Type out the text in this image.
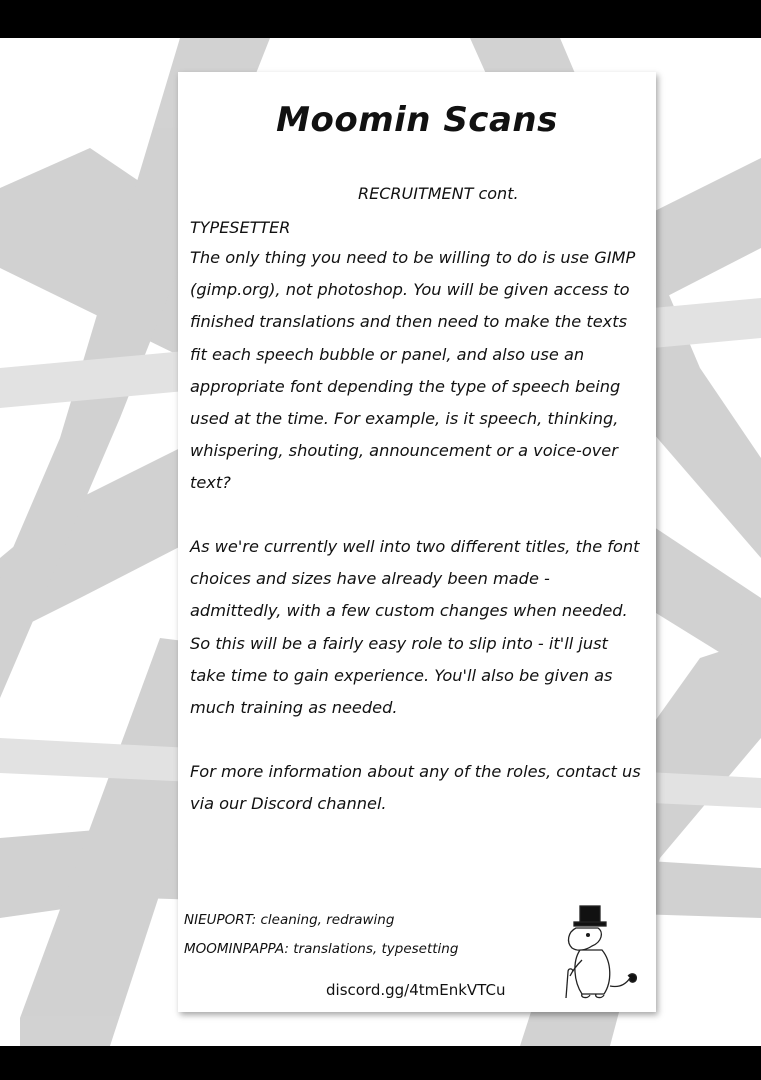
Moomin Scans
RECRUITMENT cont.
TYPESETTER

The only thing you need to be willing to do is use GIMP (gimp.org), not photoshop. You will be given access to finished translations and then need to make the texts fit each speech bubble or panel, and also use an appropriate font depending the type of speech being used at the time. For example, is it speech, thinking, whispering, shouting, announcement or a voice-over text?

As we're currently well into two different titles, the font choices and sizes have already been made - admittedly, with a few custom changes when needed. So this will be a fairly easy role to slip into - it'll just take time to gain experience. You'll also be given as much training as needed.

For more information about any of the roles, contact us via our Discord channel.

NIEUPORT: cleaning, redrawing
MOOMINPAPPA: translations, typesetting
discord.gg/4tmEnkVTCu
